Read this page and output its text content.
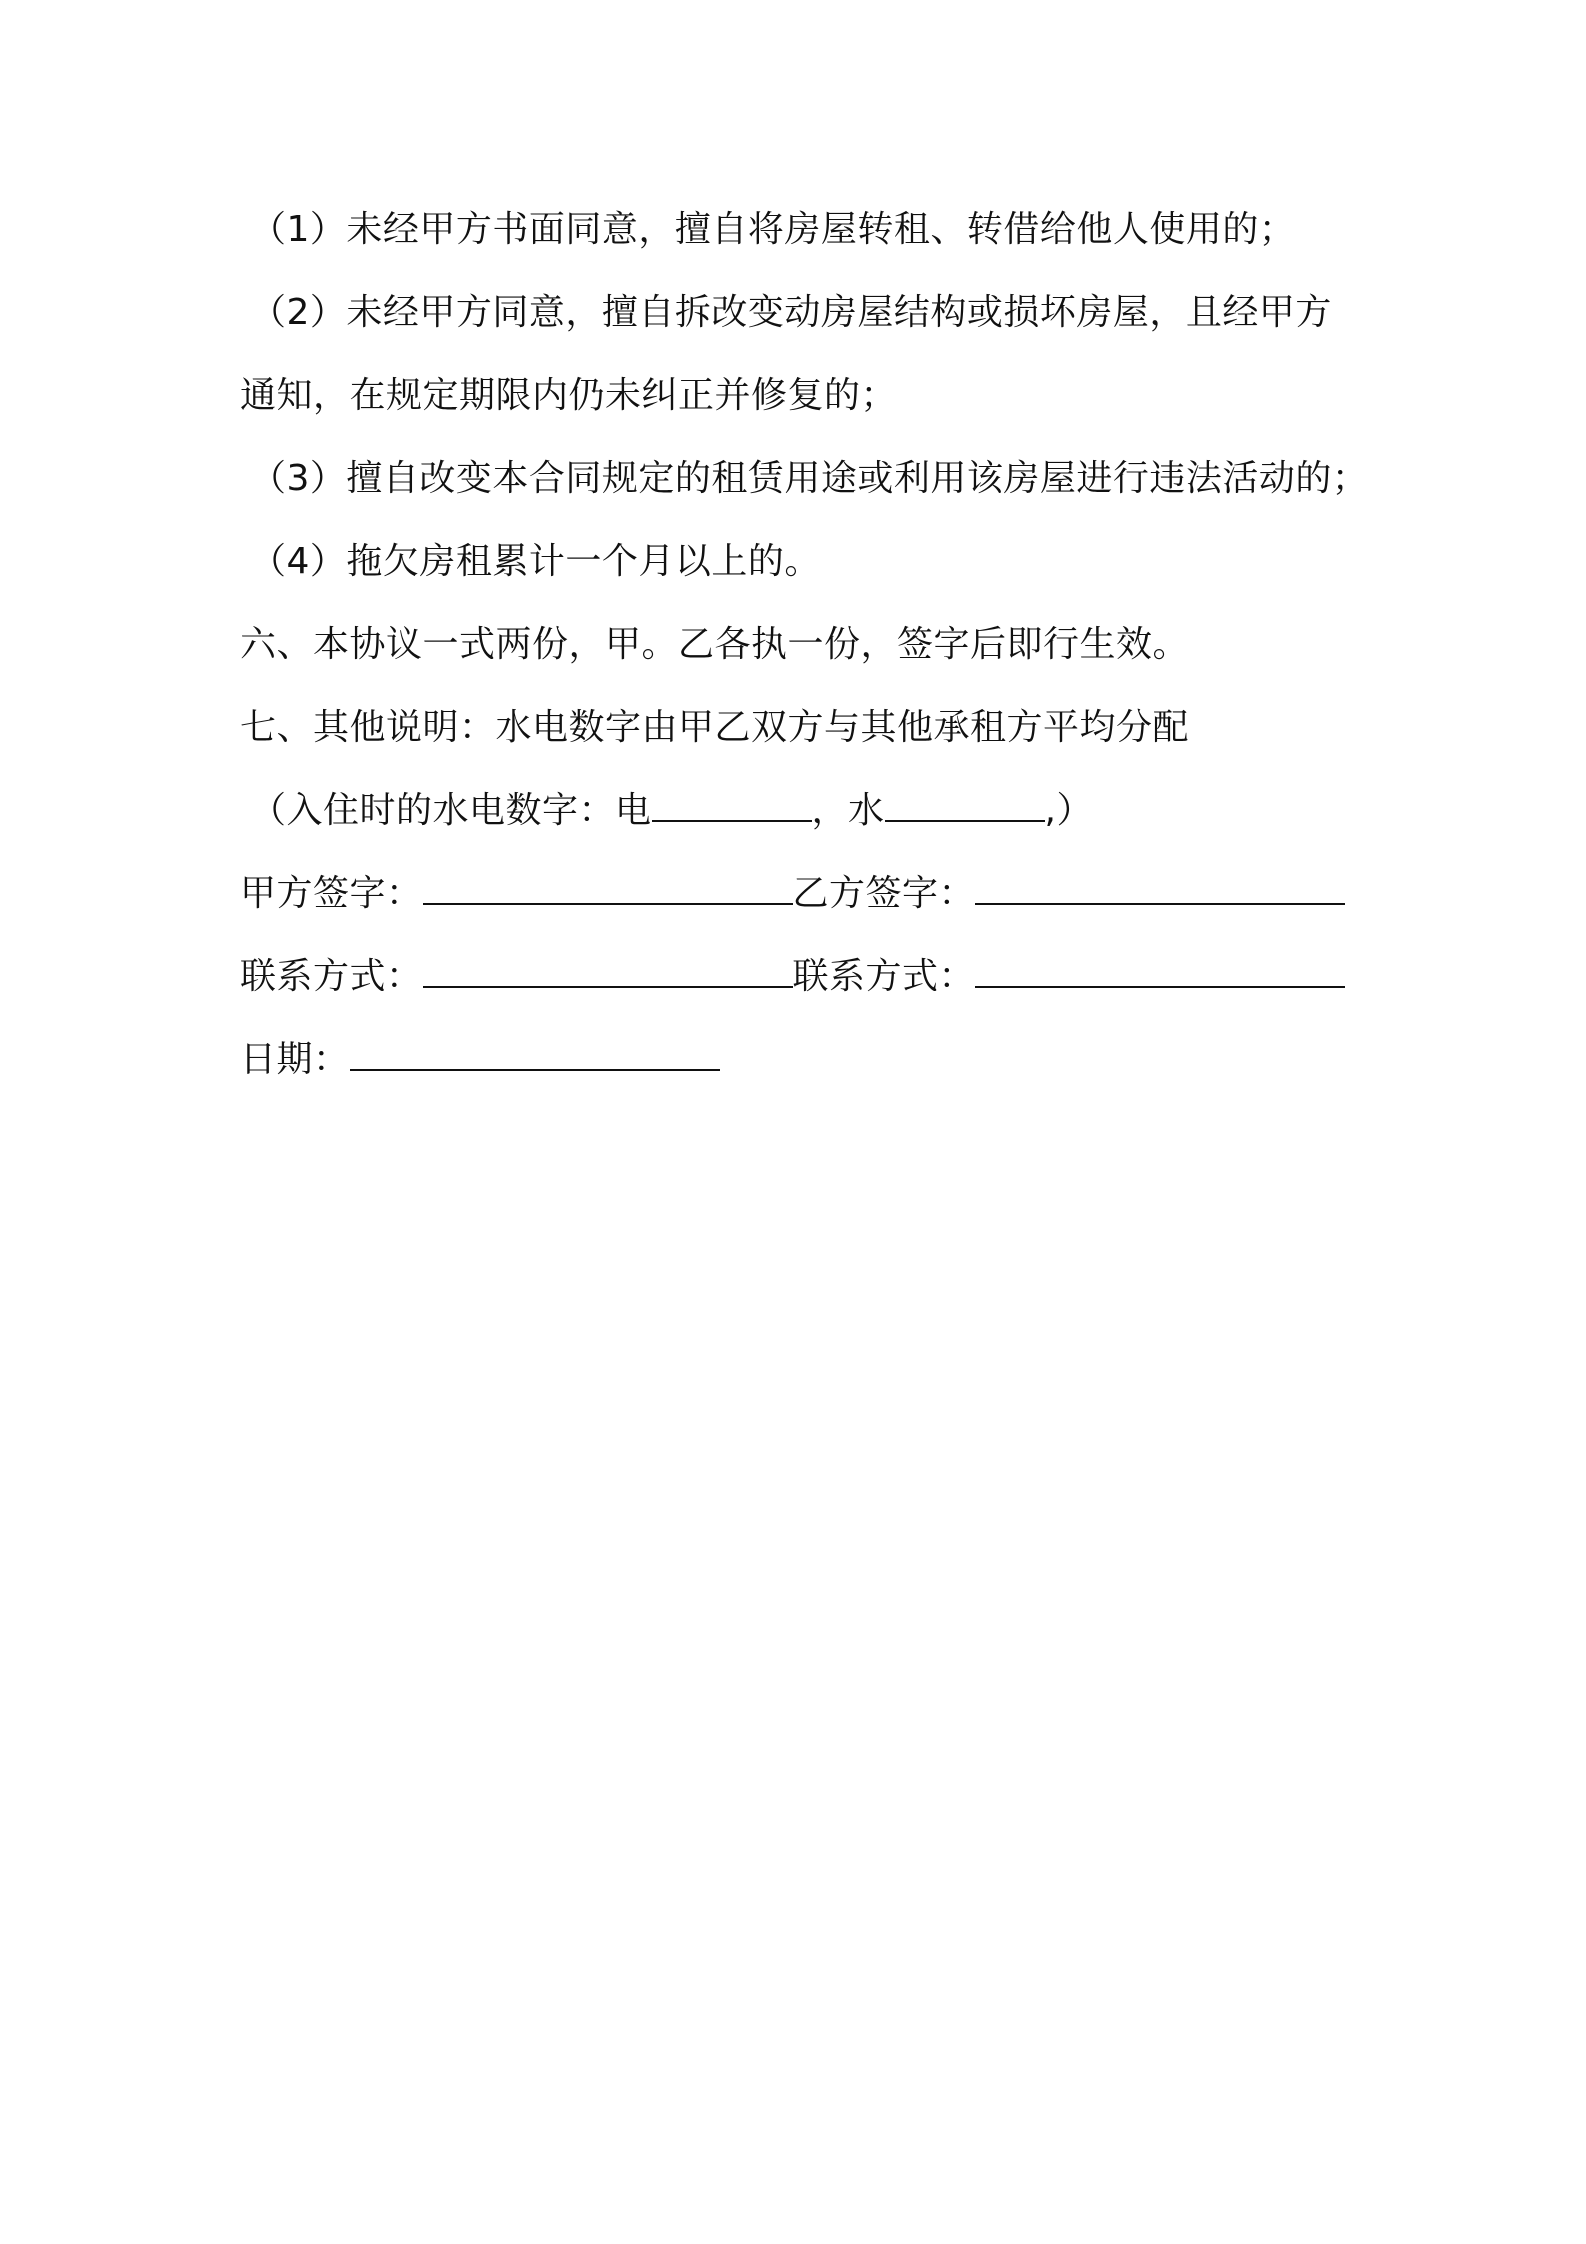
（1）未经甲方书面同意，擅自将房屋转租、转借给他人使用的；
（2）未经甲方同意，擅自拆改变动房屋结构或损坏房屋，且经甲方
通知，在规定期限内仍未纠正并修复的；
（3）擅自改变本合同规定的租赁用途或利用该房屋进行违法活动的；
（4）拖欠房租累计一个月以上的。
六、本协议一式两份，甲。乙各执一份，签字后即行生效。
七、其他说明：水电数字由甲乙双方与其他承租方平均分配
（入住时的水电数字：电	，水	,）
甲方签字：	乙方签字：
联系方式：	联系方式：
日期：
